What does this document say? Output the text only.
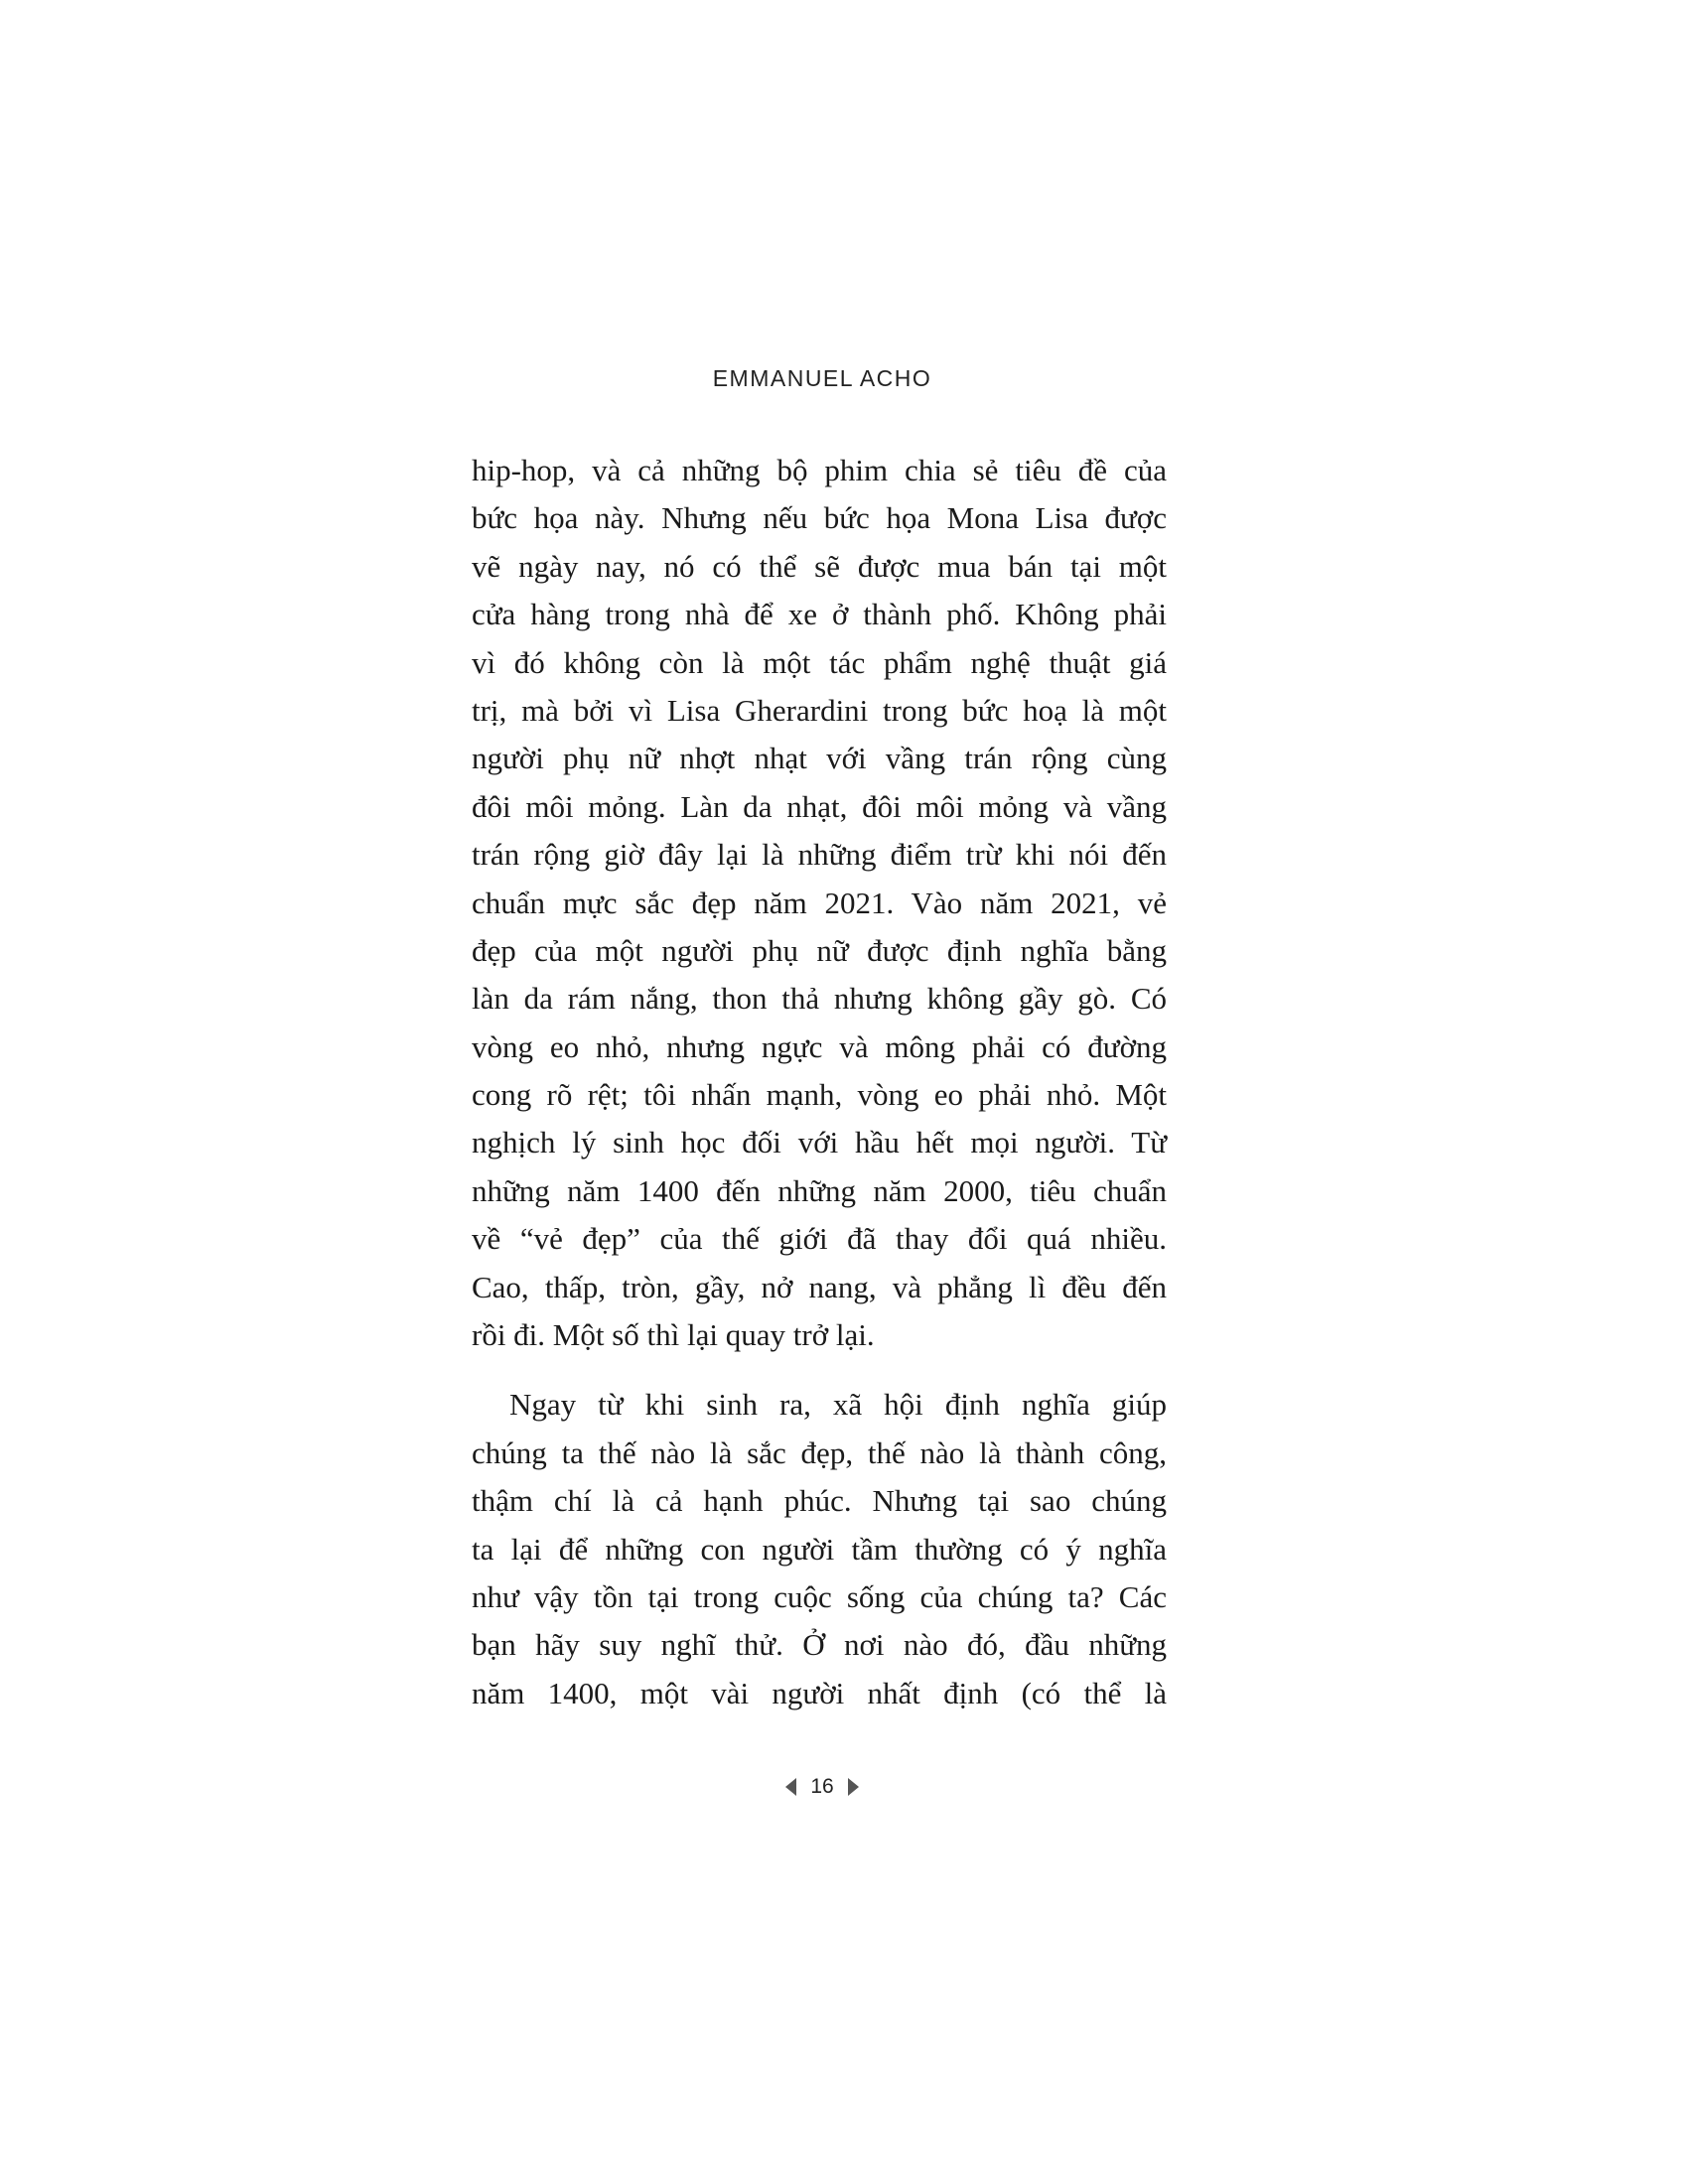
EMMANUEL ACHO
hip-hop, và cả những bộ phim chia sẻ tiêu đề của
bức họa này. Nhưng nếu bức họa Mona Lisa được
vẽ ngày nay, nó có thể sẽ được mua bán tại một
cửa hàng trong nhà để xe ở thành phố. Không phải
vì đó không còn là một tác phẩm nghệ thuật giá
trị, mà bởi vì Lisa Gherardini trong bức hoạ là một
người phụ nữ nhợt nhạt với vầng trán rộng cùng
đôi môi mỏng. Làn da nhạt, đôi môi mỏng và vầng
trán rộng giờ đây lại là những điểm trừ khi nói đến
chuẩn mực sắc đẹp năm 2021. Vào năm 2021, vẻ
đẹp của một người phụ nữ được định nghĩa bằng
làn da rám nắng, thon thả nhưng không gầy gò. Có
vòng eo nhỏ, nhưng ngực và mông phải có đường
cong rõ rệt; tôi nhấn mạnh, vòng eo phải nhỏ. Một
nghịch lý sinh học đối với hầu hết mọi người. Từ
những năm 1400 đến những năm 2000, tiêu chuẩn
về “vẻ đẹp” của thế giới đã thay đổi quá nhiều.
Cao, thấp, tròn, gầy, nở nang, và phẳng lì đều đến
rồi đi. Một số thì lại quay trở lại.
Ngay từ khi sinh ra, xã hội định nghĩa giúp
chúng ta thế nào là sắc đẹp, thế nào là thành công,
thậm chí là cả hạnh phúc. Nhưng tại sao chúng
ta lại để những con người tầm thường có ý nghĩa
như vậy tồn tại trong cuộc sống của chúng ta? Các
bạn hãy suy nghĩ thử. Ở nơi nào đó, đầu những
năm 1400, một vài người nhất định (có thể là
16
